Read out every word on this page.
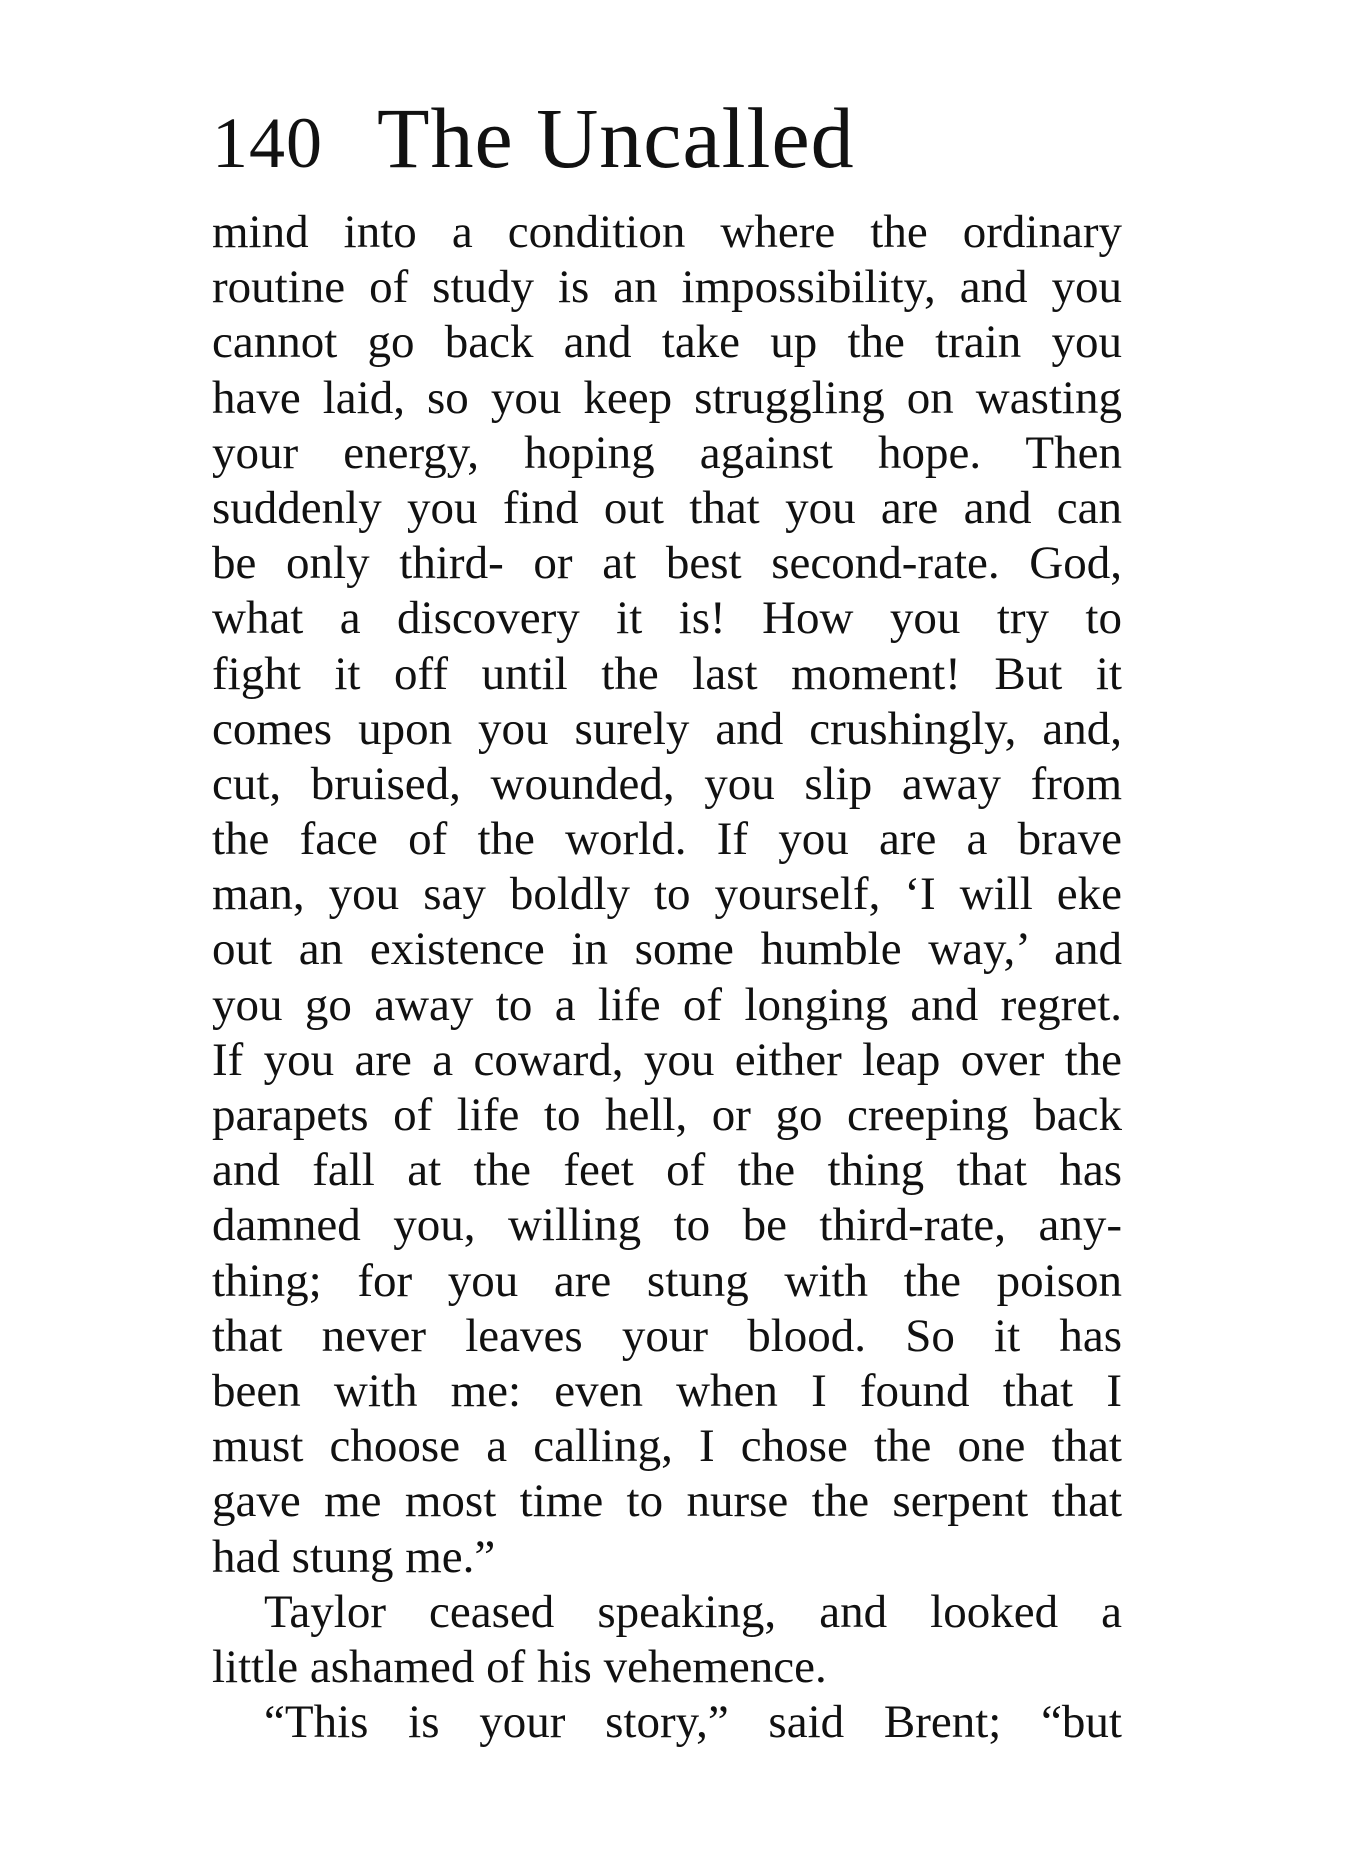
140 The Uncalled
mind into a condition where the ordinary
routine of study is an impossibility, and you
cannot go back and take up the train you
have laid, so you keep struggling on wasting
your energy, hoping against hope. Then
suddenly you find out that you are and can
be only third- or at best second-rate. God,
what a discovery it is! How you try to
fight it off until the last moment! But it
comes upon you surely and crushingly, and,
cut, bruised, wounded, you slip away from
the face of the world. If you are a brave
man, you say boldly to yourself, ‘I will eke
out an existence in some humble way,’ and
you go away to a life of longing and regret.
If you are a coward, you either leap over the
parapets of life to hell, or go creeping back
and fall at the feet of the thing that has
damned you, willing to be third-rate, any-
thing; for you are stung with the poison
that never leaves your blood. So it has
been with me: even when I found that I
must choose a calling, I chose the one that
gave me most time to nurse the serpent that
had stung me.”
Taylor ceased speaking, and looked a
little ashamed of his vehemence.
“This is your story,” said Brent; “but
